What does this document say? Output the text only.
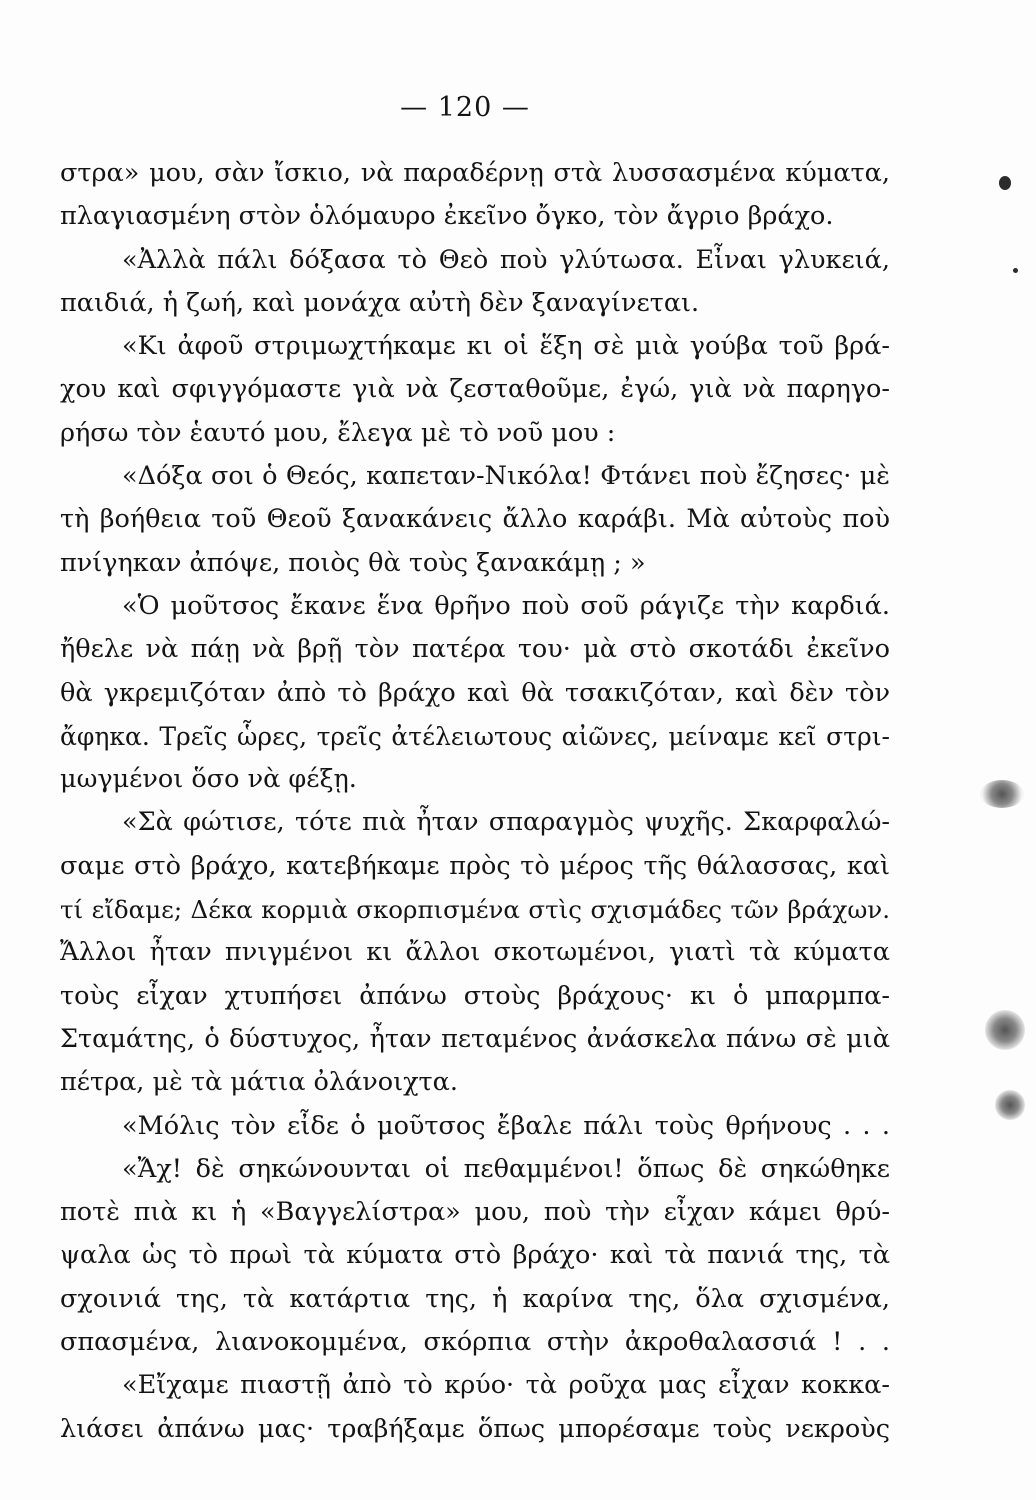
— 120 —
στρα» μου, σὰν ἴσκιο, νὰ παραδέρνῃ στὰ λυσσασμένα κύματα,
πλαγιασμένη στὸν ὁλόμαυρο ἐκεῖνο ὄγκο, τὸν ἄγριο βράχο.
«Ἀλλὰ πάλι δόξασα τὸ Θεὸ ποὺ γλύτωσα. Εἶναι γλυκειά,
παιδιά, ἡ ζωή, καὶ μονάχα αὐτὴ δὲν ξαναγίνεται.
«Κι ἀφοῦ στριμωχτήκαμε κι οἱ ἕξη σὲ μιὰ γούβα τοῦ βρά-
χου καὶ σφιγγόμαστε γιὰ νὰ ζεσταθοῦμε, ἐγώ, γιὰ νὰ παρηγο-
ρήσω τὸν ἑαυτό μου, ἔλεγα μὲ τὸ νοῦ μου :
«Δόξα σοι ὁ Θεός, καπεταν-Νικόλα! Φτάνει ποὺ ἔζησες· μὲ
τὴ βοήθεια τοῦ Θεοῦ ξανακάνεις ἄλλο καράβι. Μὰ αὐτοὺς ποὺ
πνίγηκαν ἀπόψε, ποιὸς θὰ τοὺς ξανακάμῃ ; »
«Ὁ μοῦτσος ἔκανε ἕνα θρῆνο ποὺ σοῦ ράγιζε τὴν καρδιά.
ἤθελε νὰ πάῃ νὰ βρῇ τὸν πατέρα του· μὰ στὸ σκοτάδι ἐκεῖνο
θὰ γκρεμιζόταν ἀπὸ τὸ βράχο καὶ θὰ τσακιζόταν, καὶ δὲν τὸν
ἄφηκα. Τρεῖς ὧρες, τρεῖς ἀτέλειωτους αἰῶνες, μείναμε κεῖ στρι-
μωγμένοι ὅσο νὰ φέξῃ.
«Σὰ φώτισε, τότε πιὰ ἦταν σπαραγμὸς ψυχῆς. Σκαρφαλώ-
σαμε στὸ βράχο, κατεβήκαμε πρὸς τὸ μέρος τῆς θάλασσας, καὶ
τί εἴδαμε; Δέκα κορμιὰ σκορπισμένα στὶς σχισμάδες τῶν βράχων.
Ἄλλοι ἦταν πνιγμένοι κι ἄλλοι σκοτωμένοι, γιατὶ τὰ κύματα
τοὺς εἶχαν χτυπήσει ἀπάνω στοὺς βράχους· κι ὁ μπαρμπα-
Σταμάτης, ὁ δύστυχος, ἦταν πεταμένος ἀνάσκελα πάνω σὲ μιὰ
πέτρα, μὲ τὰ μάτια ὀλάνοιχτα.
«Μόλις τὸν εἶδε ὁ μοῦτσος ἔβαλε πάλι τοὺς θρήνους . . .
«Ἄχ! δὲ σηκώνουνται οἱ πεθαμμένοι! ὅπως δὲ σηκώθηκε
ποτὲ πιὰ κι ἡ «Βαγγελίστρα» μου, ποὺ τὴν εἶχαν κάμει θρύ-
ψαλα ὡς τὸ πρωὶ τὰ κύματα στὸ βράχο· καὶ τὰ πανιά της, τὰ
σχοινιά της, τὰ κατάρτια της, ἡ καρίνα της, ὅλα σχισμένα,
σπασμένα, λιανοκομμένα, σκόρπια στὴν ἀκροθαλασσιά ! . .
«Εἴχαμε πιαστῇ ἀπὸ τὸ κρύο· τὰ ροῦχα μας εἶχαν κοκκα-
λιάσει ἀπάνω μας· τραβήξαμε ὅπως μπορέσαμε τοὺς νεκροὺς
